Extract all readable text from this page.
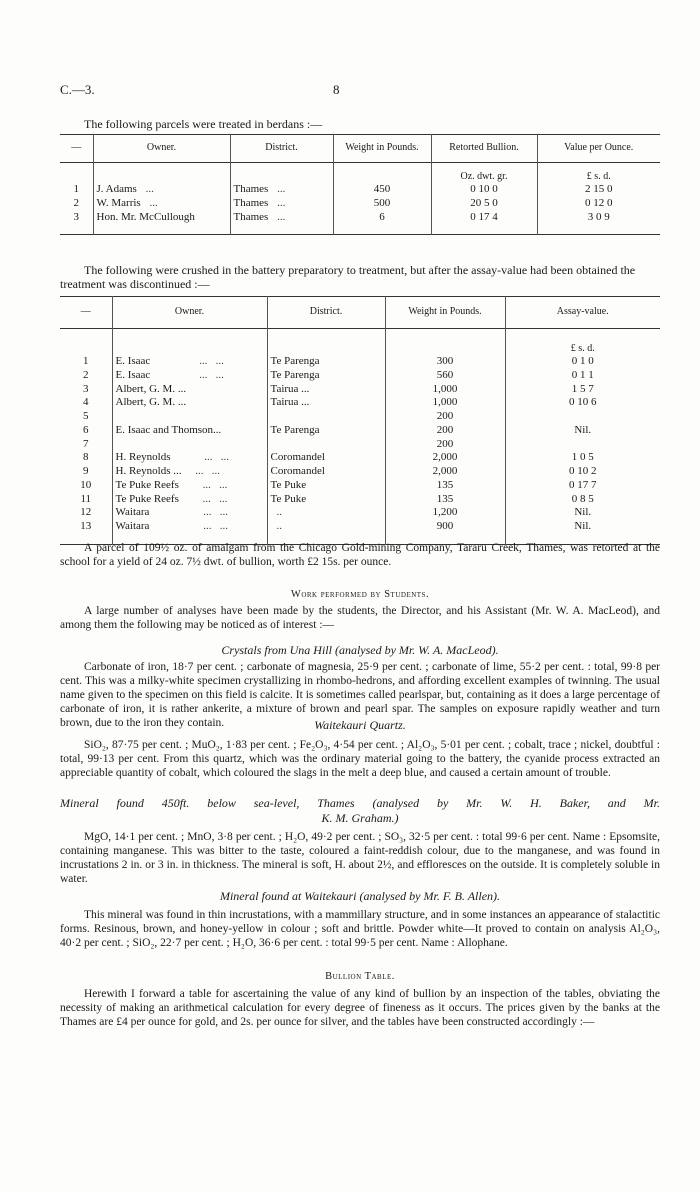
C.—3.	8
The following parcels were treated in berdans :—
—	Owner.	District.	Weight in Pounds.	Retorted Bullion.	Value per Ounce.
				Oz. dwt. gr.	£ s. d.
1	J. Adams ...	Thames ...	450	0 10 0	2 15 0
2	W. Marris ...	Thames ...	500	20 5 0	0 12 0
3	Hon. Mr. McCullough	Thames ...	6	0 17 4	3 0 9
The following were crushed in the battery preparatory to treatment, but after the assay-value had been obtained the treatment was discontinued :—
—	Owner.	District.	Weight in Pounds.	Assay-value.
				£ s. d.
1	E. Isaac ...   ...	Te Parenga	300	0 1 0
2	E. Isaac ...   ...	Te Parenga	560	0 1 1
3	Albert, G. M. ...	Tairua ...	1,000	1 5 7
4	Albert, G. M. ...	Tairua ...	1,000	0 10 6
5			200	
6	E. Isaac and Thomson...	Te Parenga	200	Nil.
7			200	
8	H. Reynolds ...   ...	Coromandel	2,000	1 0 5
9	H. Reynolds ... ...   ...	Coromandel	2,000	0 10 2
10	Te Puke Reefs ...   ...	Te Puke	135	0 17 7
11	Te Puke Reefs ...   ...	Te Puke	135	0 8 5
12	Waitara ...   ...	..	1,200	Nil.
13	Waitara ...   ...	..	900	Nil.
A parcel of 109½ oz. of amalgam from the Chicago Gold-mining Company, Tararu Creek, Thames, was retorted at the school for a yield of 24 oz. 7½ dwt. of bullion, worth £2 15s. per ounce.
Work performed by Students.
A large number of analyses have been made by the students, the Director, and his Assistant (Mr. W. A. MacLeod), and among them the following may be noticed as of interest :—
Crystals from Una Hill (analysed by Mr. W. A. MacLeod).
Carbonate of iron, 18·7 per cent. ; carbonate of magnesia, 25·9 per cent. ; carbonate of lime, 55·2 per cent. : total, 99·8 per cent. This was a milky-white specimen crystallizing in rhombo-hedrons, and affording excellent examples of twinning. The usual name given to the specimen on this field is calcite. It is sometimes called pearlspar, but, containing as it does a large percentage of carbonate of iron, it is rather ankerite, a mixture of brown and pearl spar. The samples on exposure rapidly weather and turn brown, due to the iron they contain.	Waitekauri Quartz.
SiO₂, 87·75 per cent. ; MuO₂, 1·83 per cent. ; Fe₂O₃, 4·54 per cent. ; Al₂O₃, 5·01 per cent. ; cobalt, trace ; nickel, doubtful : total, 99·13 per cent. From this quartz, which was the ordinary material going to the battery, the cyanide process extracted an appreciable quantity of cobalt, which coloured the slags in the melt a deep blue, and caused a certain amount of trouble.
Mineral found 450ft. below sea-level, Thames (analysed by Mr. W. H. Baker, and Mr.
K. M. Graham.)
MgO, 14·1 per cent. ; MnO, 3·8 per cent. ; H₂O, 49·2 per cent. ; SO₃, 32·5 per cent. : total 99·6 per cent. Name : Epsomsite, containing manganese. This was bitter to the taste, coloured a faint-reddish colour, due to the manganese, and was found in incrustations 2 in. or 3 in. in thickness. The mineral is soft, H. about 2½, and effloresces on the outside. It is completely soluble in water.
Mineral found at Waitekauri (analysed by Mr. F. B. Allen).
This mineral was found in thin incrustations, with a mammillary structure, and in some instances an appearance of stalactitic forms. Resinous, brown, and honey-yellow in colour ; soft and brittle. Powder white—It proved to contain on analysis Al₂O₃, 40·2 per cent. ; SiO₂, 22·7 per cent. ; H₂O, 36·6 per cent. : total 99·5 per cent. Name : Allophane.
Bullion Table.
Herewith I forward a table for ascertaining the value of any kind of bullion by an inspection of the tables, obviating the necessity of making an arithmetical calculation for every degree of fineness as it occurs. The prices given by the banks at the Thames are £4 per ounce for gold, and 2s. per ounce for silver, and the tables have been constructed accordingly :—
